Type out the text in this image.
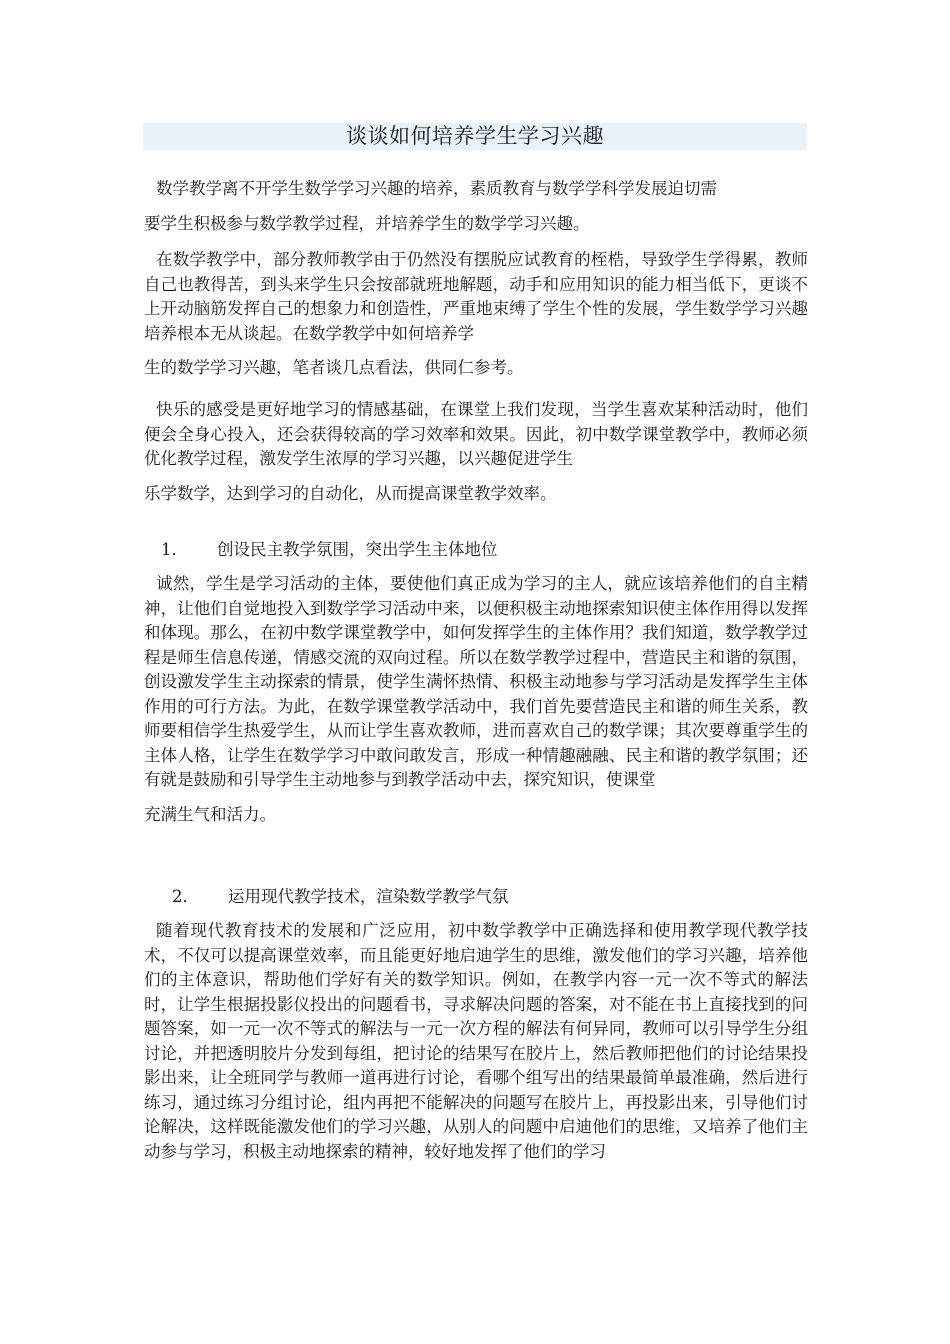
谈谈如何培养学生学习兴趣

数学教学离不开学生数学学习兴趣的培养，素质教育与数学学科学发展迫切需
要学生积极参与数学教学过程，并培养学生的数学学习兴趣。

在数学教学中，部分教师教学由于仍然没有摆脱应试教育的桎梏，导致学生学得累，教师自己也教得苦，到头来学生只会按部就班地解题，动手和应用知识的能力相当低下，更谈不上开动脑筋发挥自己的想象力和创造性，严重地束缚了学生个性的发展，学生数学学习兴趣培养根本无从谈起。在数学教学中如何培养学
生的数学学习兴趣，笔者谈几点看法，供同仁参考。

快乐的感受是更好地学习的情感基础，在课堂上我们发现，当学生喜欢某种活动时，他们便会全身心投入，还会获得较高的学习效率和效果。因此，初中数学课堂教学中，教师必须优化教学过程，激发学生浓厚的学习兴趣，以兴趣促进学生
乐学数学，达到学习的自动化，从而提高课堂教学效率。

1． 创设民主教学氛围，突出学生主体地位

诚然，学生是学习活动的主体，要使他们真正成为学习的主人，就应该培养他们的自主精神，让他们自觉地投入到数学学习活动中来，以便积极主动地探索知识使主体作用得以发挥和体现。那么，在初中数学课堂教学中，如何发挥学生的主体作用？我们知道，数学教学过程是师生信息传递，情感交流的双向过程。所以在数学教学过程中，营造民主和谐的氛围，创设激发学生主动探索的情景，使学生满怀热情、积极主动地参与学习活动是发挥学生主体作用的可行方法。为此，在数学课堂教学活动中，我们首先要营造民主和谐的师生关系，教师要相信学生热爱学生，从而让学生喜欢教师，进而喜欢自己的数学课；其次要尊重学生的主体人格，让学生在数学学习中敢问敢发言，形成一种情趣融融、民主和谐的教学氛围；还有就是鼓励和引导学生主动地参与到教学活动中去，探究知识，使课堂
充满生气和活力。

2． 运用现代教学技术，渲染数学教学气氛

随着现代教育技术的发展和广泛应用，初中数学教学中正确选择和使用教学现代教学技术，不仅可以提高课堂效率，而且能更好地启迪学生的思维，激发他们的学习兴趣，培养他们的主体意识，帮助他们学好有关的数学知识。例如，在教学内容一元一次不等式的解法时，让学生根据投影仪投出的问题看书，寻求解决问题的答案，对不能在书上直接找到的问题答案，如一元一次不等式的解法与一元一次方程的解法有何异同，教师可以引导学生分组讨论，并把透明胶片分发到每组，把讨论的结果写在胶片上，然后教师把他们的讨论结果投影出来，让全班同学与教师一道再进行讨论，看哪个组写出的结果最简单最准确，然后进行练习，通过练习分组讨论，组内再把不能解决的问题写在胶片上，再投影出来，引导他们讨论解决，这样既能激发他们的学习兴趣，从别人的问题中启迪他们的思维，又培养了他们主动参与学习，积极主动地探索的精神，较好地发挥了他们的学习
